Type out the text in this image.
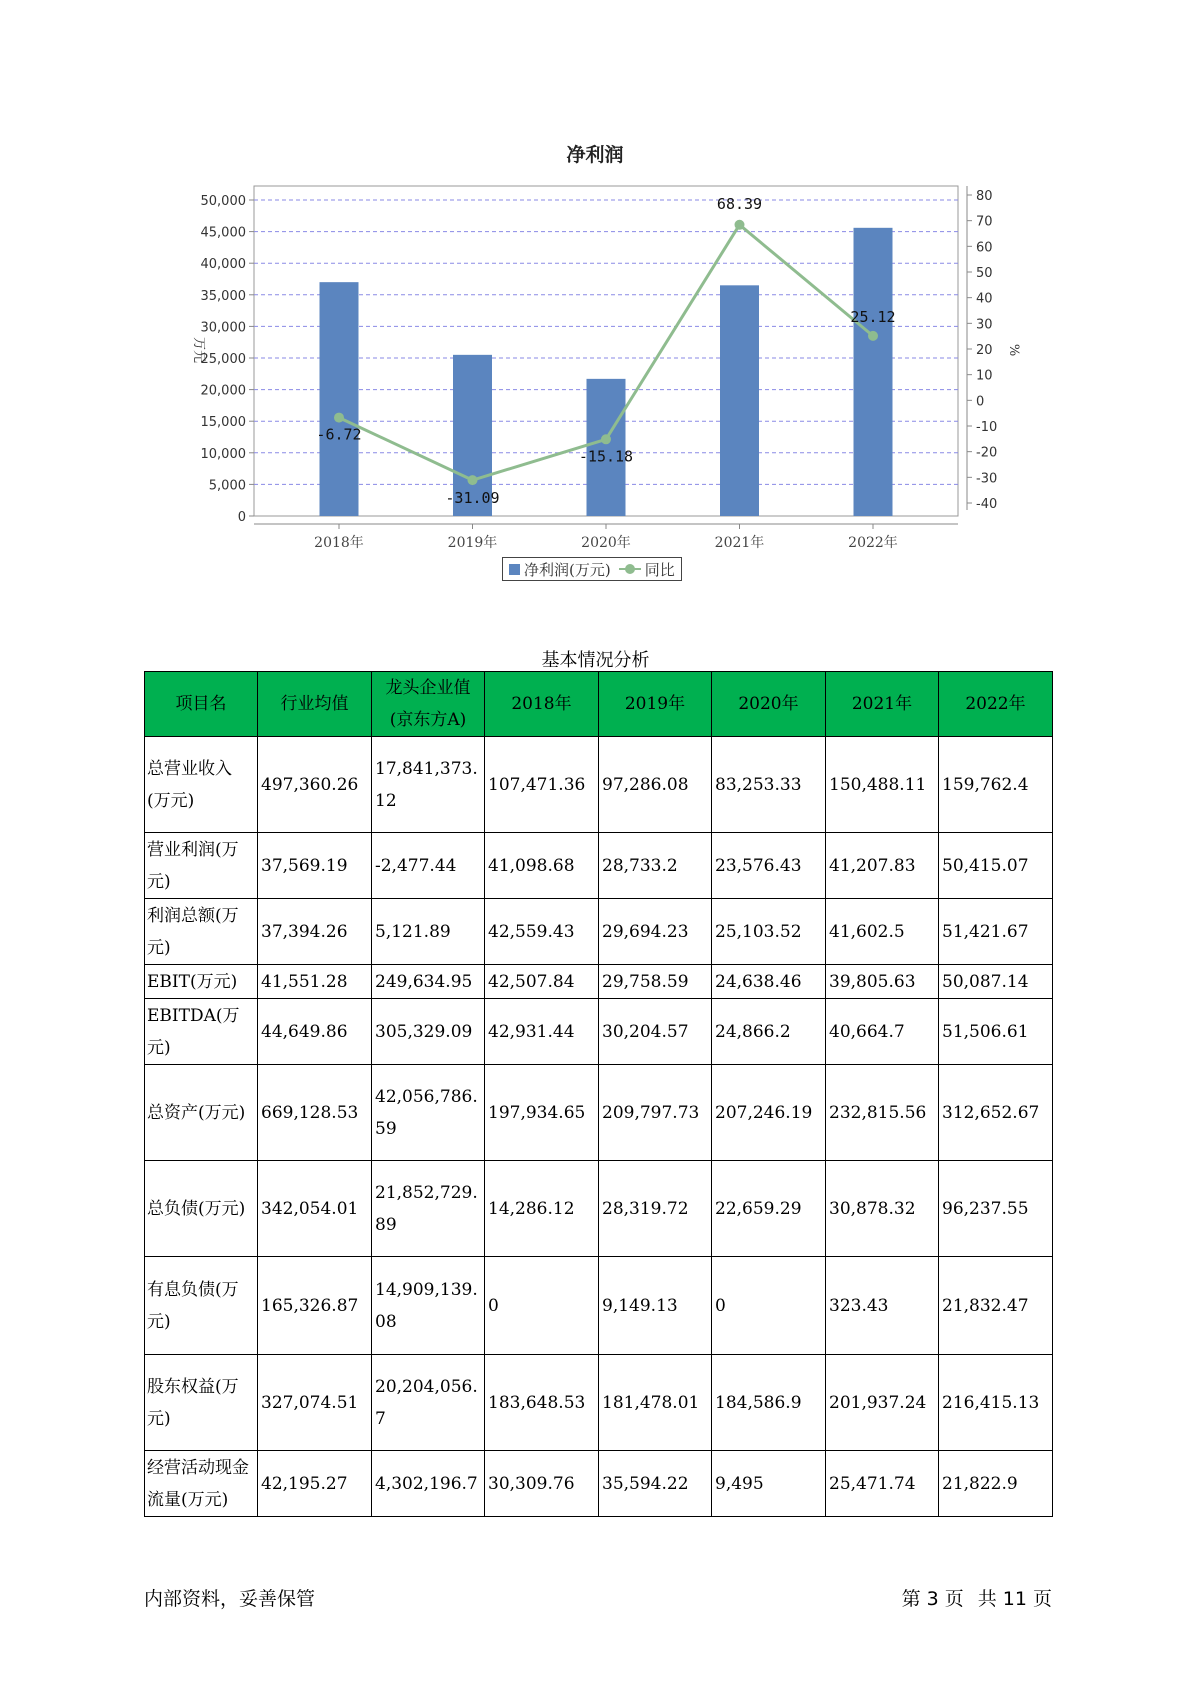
净利润
0
5,000
10,000
15,000
20,000
25,000
30,000
35,000
40,000
45,000
50,000
-40
-30
-20
-10
0
10
20
30
40
50
60
70
80
万元	%
2018年	2019年	2020年	2021年	2022年
-6.72
-31.09
-15.18
68.39
25.12
净利润(万元) 同比
基本情况分析
项目名	行业均值	龙头企业值(京东方A)	2018年	2019年	2020年	2021年	2022年
总营业收入(万元)	497,360.26	17,841,373.12	107,471.36	97,286.08	83,253.33	150,488.11	159,762.4
营业利润(万元)	37,569.19	-2,477.44	41,098.68	28,733.2	23,576.43	41,207.83	50,415.07
利润总额(万元)	37,394.26	5,121.89	42,559.43	29,694.23	25,103.52	41,602.5	51,421.67
EBIT(万元)	41,551.28	249,634.95	42,507.84	29,758.59	24,638.46	39,805.63	50,087.14
EBITDA(万元)	44,649.86	305,329.09	42,931.44	30,204.57	24,866.2	40,664.7	51,506.61
总资产(万元)	669,128.53	42,056,786.59	197,934.65	209,797.73	207,246.19	232,815.56	312,652.67
总负债(万元)	342,054.01	21,852,729.89	14,286.12	28,319.72	22,659.29	30,878.32	96,237.55
有息负债(万元)	165,326.87	14,909,139.08	0	9,149.13	0	323.43	21,832.47
股东权益(万元)	327,074.51	20,204,056.7	183,648.53	181,478.01	184,586.9	201,937.24	216,415.13
经营活动现金流量(万元)	42,195.27	4,302,196.7	30,309.76	35,594.22	9,495	25,471.74	21,822.9
内部资料，妥善保管	第 3 页 共 11 页
